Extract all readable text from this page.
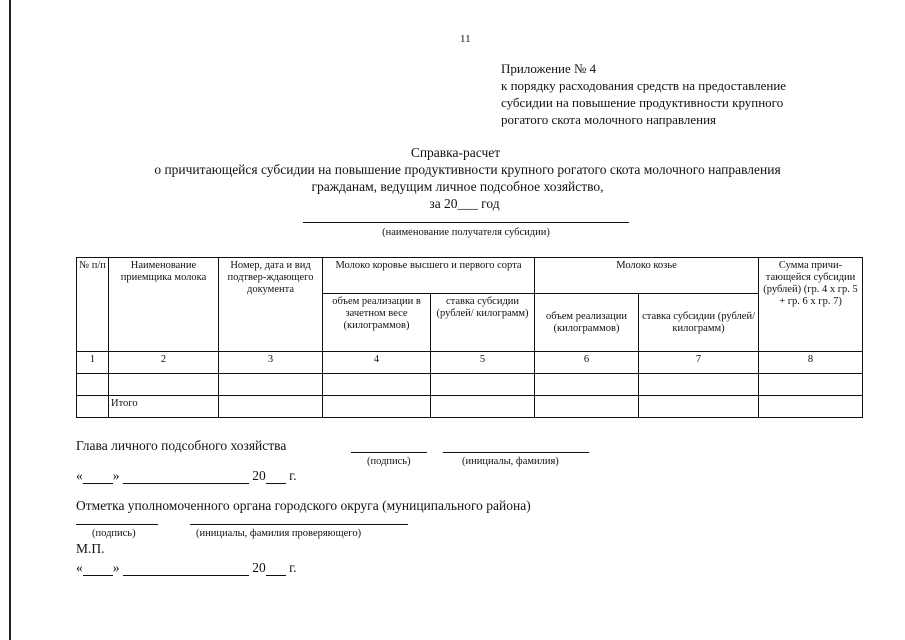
11
Приложение № 4
к порядку расходования средств на предоставление
субсидии на повышение продуктивности крупного
рогатого скота молочного направления
Справка-расчет
о причитающейся субсидии на повышение продуктивности крупного рогатого скота молочного направления
гражданам, ведущим личное подсобное хозяйство,
за 20___ год
(наименование получателя субсидии)
№ п/п	Наименование приемщика молока	Номер, дата и вид подтвер-ждающего документа	Молоко коровье высшего и первого сорта		Молоко козье		Сумма причи-тающейся субсидии (рублей) (гр. 4 х гр. 5 + гр. 6 х гр. 7)
			объем реализации в зачетном весе (килограммов)	ставка субсидии (рублей/ килограмм)	объем реализации (килограммов)	ставка субсидии (рублей/килограмм)	
1	2	3	4	5	6	7	8

	Итого						
Глава личного подсобного хозяйства
(подпись)	(инициалы, фамилия)
« »	20 г.
Отметка уполномоченного органа городского округа (муниципального района)
(подпись)	(инициалы, фамилия проверяющего)
М.П.
« »	20 г.
